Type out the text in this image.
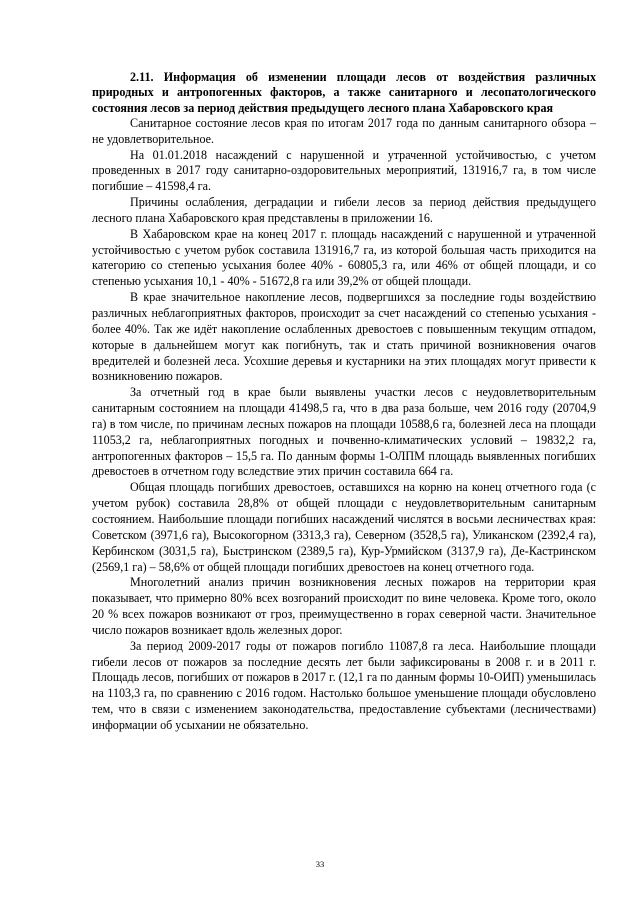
2.11. Информация об изменении площади лесов от воздействия различных природных и антропогенных факторов, а также санитарного и лесопатологического состояния лесов за период действия предыдущего лесного плана Хабаровского края

Санитарное состояние лесов края по итогам 2017 года по данным санитарного обзора – не удовлетворительное.

На 01.01.2018 насаждений с нарушенной и утраченной устойчивостью, с учетом проведенных в 2017 году санитарно-оздоровительных мероприятий, 131916,7 га, в том числе погибшие – 41598,4 га.

Причины ослабления, деградации и гибели лесов за период действия предыдущего лесного плана Хабаровского края представлены в приложении 16.

В Хабаровском крае на конец 2017 г. площадь насаждений с нарушенной и утраченной устойчивостью с учетом рубок составила 131916,7 га, из которой большая часть приходится на категорию со степенью усыхания более 40% - 60805,3 га, или 46% от общей площади, и со степенью усыхания 10,1 - 40% - 51672,8 га или 39,2% от общей площади.

В крае значительное накопление лесов, подвергшихся за последние годы воздействию различных неблагоприятных факторов, происходит за счет насаждений со степенью усыхания - более 40%. Так же идёт накопление ослабленных древостоев с повышенным текущим отпадом, которые в дальнейшем могут как погибнуть, так и стать причиной возникновения очагов вредителей и болезней леса. Усохшие деревья и кустарники на этих площадях могут привести к возникновению пожаров.

За отчетный год в крае были выявлены участки лесов с неудовлетворительным санитарным состоянием на площади 41498,5 га, что в два раза больше, чем 2016 году (20704,9 га) в том числе, по причинам лесных пожаров на площади 10588,6 га, болезней леса на площади 11053,2 га, неблагоприятных погодных и почвенно-климатических условий – 19832,2 га, антропогенных факторов – 15,5 га. По данным формы 1-ОЛПМ площадь выявленных погибших древостоев в отчетном году вследствие этих причин составила 664 га.

Общая площадь погибших древостоев, оставшихся на корню на конец отчетного года (с учетом рубок) составила 28,8% от общей площади с неудовлетворительным санитарным состоянием. Наибольшие площади погибших насаждений числятся в восьми лесничествах края: Советском (3971,6 га), Высокогорном (3313,3 га), Северном (3528,5 га), Уликанском (2392,4 га), Кербинском (3031,5 га), Быстринском (2389,5 га), Кур-Урмийском (3137,9 га), Де-Кастринском (2569,1 га) – 58,6% от общей площади погибших древостоев на конец отчетного года.

Многолетний анализ причин возникновения лесных пожаров на территории края показывает, что примерно 80% всех возгораний происходит по вине человека. Кроме того, около 20 % всех пожаров возникают от гроз, преимущественно в горах северной части. Значительное число пожаров возникает вдоль железных дорог.

За период 2009-2017 годы от пожаров погибло 11087,8 га леса. Наибольшие площади гибели лесов от пожаров за последние десять лет были зафиксированы в 2008 г. и в 2011 г. Площадь лесов, погибших от пожаров в 2017 г. (12,1 га по данным формы 10-ОИП) уменьшилась на 1103,3 га, по сравнению с 2016 годом. Настолько большое уменьшение площади обусловлено тем, что в связи с изменением законодательства, предоставление субъектами (лесничествами) информации об усыхании не обязательно.

33
